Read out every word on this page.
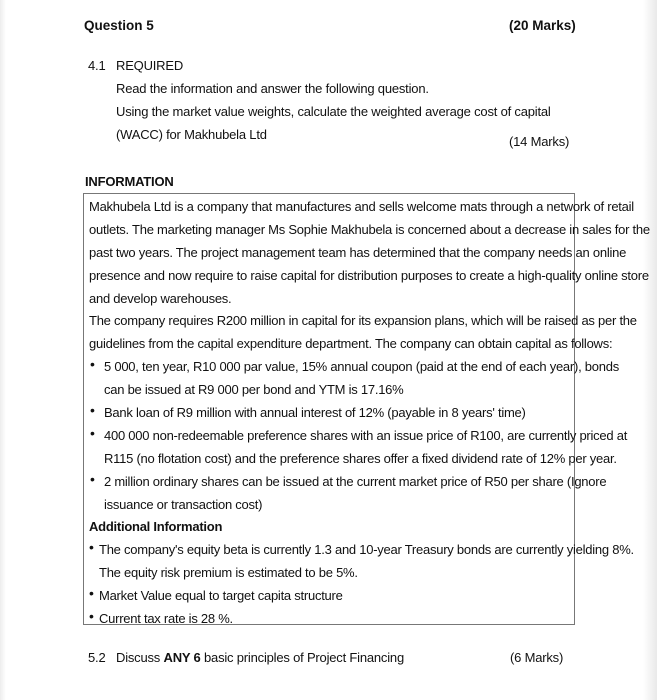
Question 5	(20 Marks)
4.1 REQUIRED
Read the information and answer the following question.
Using the market value weights, calculate the weighted average cost of capital
(WACC) for Makhubela Ltd	(14 Marks)
INFORMATION
Makhubela Ltd is a company that manufactures and sells welcome mats through a network of retail
outlets. The marketing manager Ms Sophie Makhubela is concerned about a decrease in sales for the
past two years. The project management team has determined that the company needs an online
presence and now require to raise capital for distribution purposes to create a high-quality online store
and develop warehouses.
The company requires R200 million in capital for its expansion plans, which will be raised as per the
guidelines from the capital expenditure department. The company can obtain capital as follows:
• 5 000, ten year, R10 000 par value, 15% annual coupon (paid at the end of each year), bonds
can be issued at R9 000 per bond and YTM is 17.16%
• Bank loan of R9 million with annual interest of 12% (payable in 8 years' time)
• 400 000 non-redeemable preference shares with an issue price of R100, are currently priced at
R115 (no flotation cost) and the preference shares offer a fixed dividend rate of 12% per year.
• 2 million ordinary shares can be issued at the current market price of R50 per share (Ignore
issuance or transaction cost)
Additional Information
• The company's equity beta is currently 1.3 and 10-year Treasury bonds are currently yielding 8%.
The equity risk premium is estimated to be 5%.
• Market Value equal to target capita structure
• Current tax rate is 28 %.
5.2 Discuss ANY 6 basic principles of Project Financing	(6 Marks)
